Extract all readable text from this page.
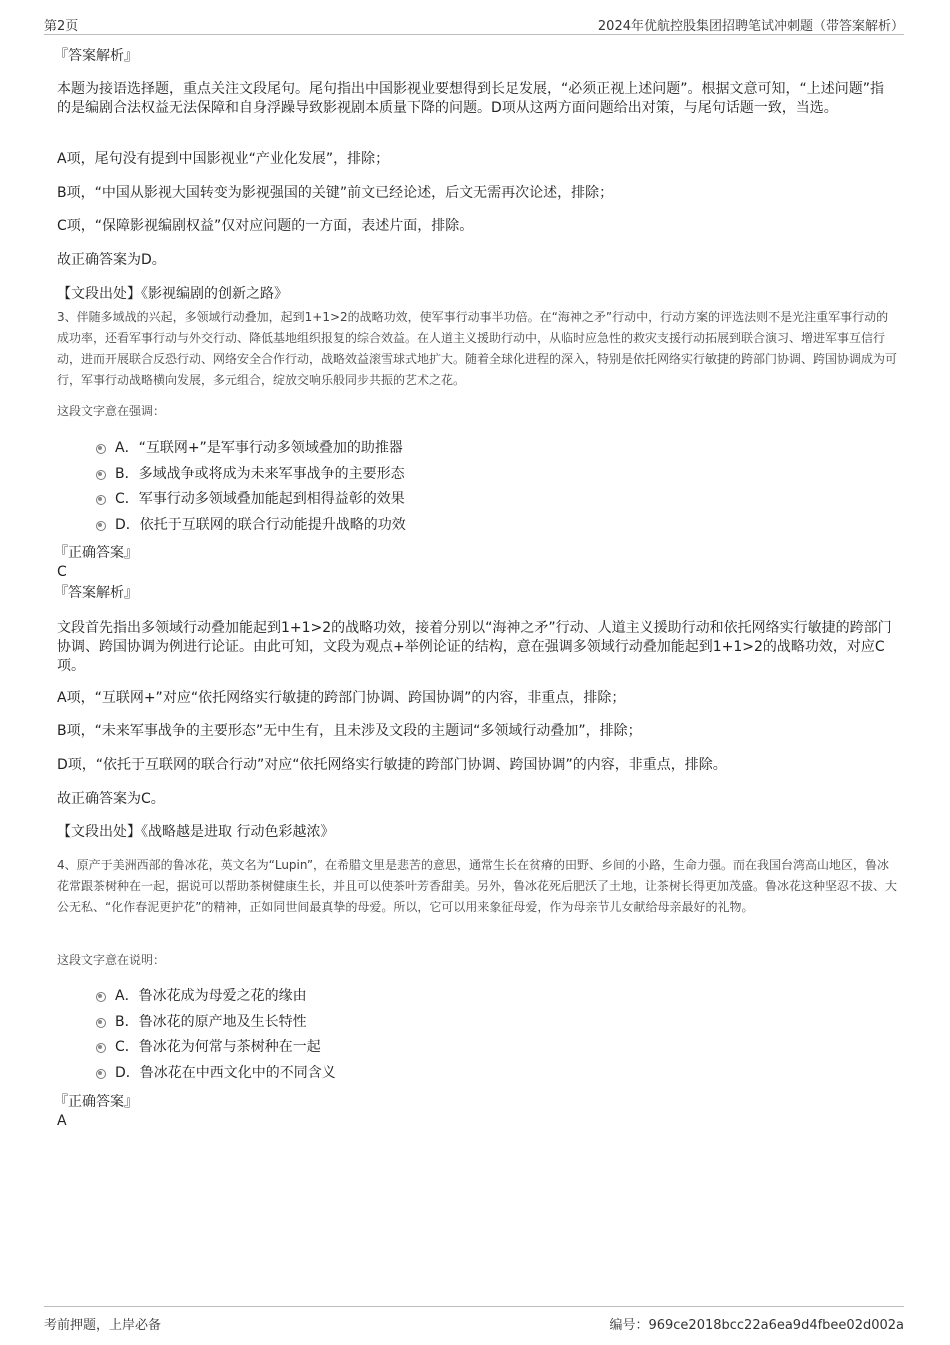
第2页	2024年优航控股集团招聘笔试冲刺题（带答案解析）

『答案解析』

本题为接语选择题，重点关注文段尾句。尾句指出中国影视业要想得到长足发展，“必须正视上述问题”。根据文意可知，“上述问题”指的是编剧合法权益无法保障和自身浮躁导致影视剧本质量下降的问题。D项从这两方面问题给出对策，与尾句话题一致，当选。

A项，尾句没有提到中国影视业“产业化发展”，排除；

B项，“中国从影视大国转变为影视强国的关键”前文已经论述，后文无需再次论述，排除；

C项，“保障影视编剧权益”仅对应问题的一方面，表述片面，排除。

故正确答案为D。

【文段出处】《影视编剧的创新之路》

3、伴随多域战的兴起，多领域行动叠加，起到1+1>2的战略功效，使军事行动事半功倍。在“海神之矛”行动中，行动方案的评选法则不是光注重军事行动的成功率，还看军事行动与外交行动、降低基地组织报复的综合效益。在人道主义援助行动中，从临时应急性的救灾支援行动拓展到联合演习、增进军事互信行动，进而开展联合反恐行动、网络安全合作行动，战略效益滚雪球式地扩大。随着全球化进程的深入，特别是依托网络实行敏捷的跨部门协调、跨国协调成为可行，军事行动战略横向发展，多元组合，绽放交响乐般同步共振的艺术之花。

这段文字意在强调：

A．“互联网+”是军事行动多领域叠加的助推器
B．多域战争或将成为未来军事战争的主要形态
C．军事行动多领域叠加能起到相得益彰的效果
D．依托于互联网的联合行动能提升战略的功效

『正确答案』

C

『答案解析』

文段首先指出多领域行动叠加能起到1+1>2的战略功效，接着分别以“海神之矛”行动、人道主义援助行动和依托网络实行敏捷的跨部门协调、跨国协调为例进行论证。由此可知，文段为观点+举例论证的结构，意在强调多领域行动叠加能起到1+1>2的战略功效，对应C项。

A项，“互联网+”对应“依托网络实行敏捷的跨部门协调、跨国协调”的内容，非重点，排除；

B项，“未来军事战争的主要形态”无中生有，且未涉及文段的主题词“多领域行动叠加”，排除；

D项，“依托于互联网的联合行动”对应“依托网络实行敏捷的跨部门协调、跨国协调”的内容，非重点，排除。

故正确答案为C。

【文段出处】《战略越是进取 行动色彩越浓》

4、原产于美洲西部的鲁冰花，英文名为“Lupin”，在希腊文里是悲苦的意思，通常生长在贫瘠的田野、乡间的小路，生命力强。而在我国台湾高山地区，鲁冰花常跟茶树种在一起，据说可以帮助茶树健康生长，并且可以使茶叶芳香甜美。另外，鲁冰花死后肥沃了土地，让茶树长得更加茂盛。鲁冰花这种坚忍不拔、大公无私、“化作春泥更护花”的精神，正如同世间最真挚的母爱。所以，它可以用来象征母爱，作为母亲节儿女献给母亲最好的礼物。

这段文字意在说明：

A．鲁冰花成为母爱之花的缘由
B．鲁冰花的原产地及生长特性
C．鲁冰花为何常与茶树种在一起
D．鲁冰花在中西文化中的不同含义

『正确答案』

A

考前押题，上岸必备	编号：969ce2018bcc22a6ea9d4fbee02d002a
